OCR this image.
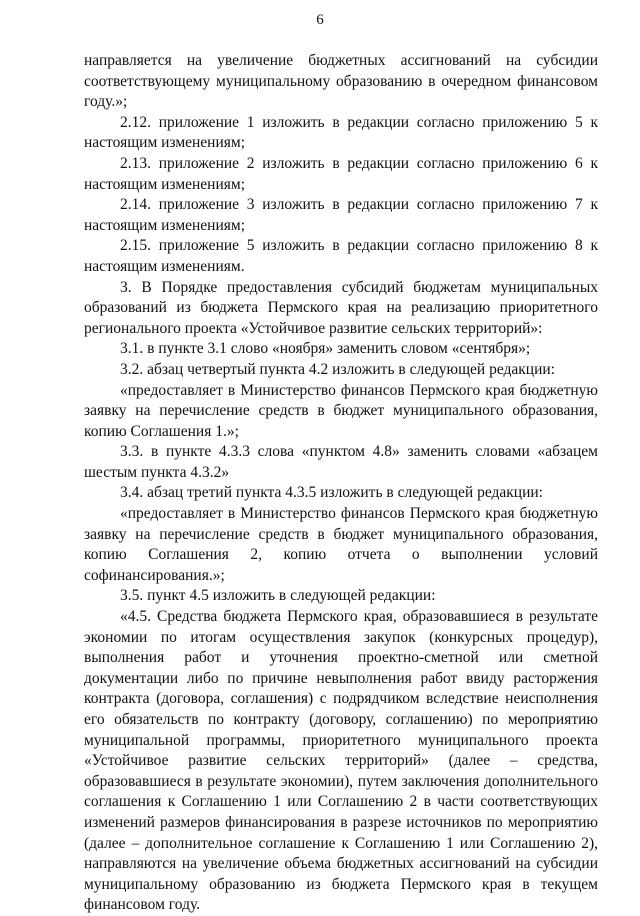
6

направляется на увеличение бюджетных ассигнований на субсидии соответствующему муниципальному образованию в очередном финансовом году.»;

2.12. приложение 1 изложить в редакции согласно приложению 5 к настоящим изменениям;

2.13. приложение 2 изложить в редакции согласно приложению 6 к настоящим изменениям;

2.14. приложение 3 изложить в редакции согласно приложению 7 к настоящим изменениям;

2.15. приложение 5 изложить в редакции согласно приложению 8 к настоящим изменениям.

3. В Порядке предоставления субсидий бюджетам муниципальных образований из бюджета Пермского края на реализацию приоритетного регионального проекта «Устойчивое развитие сельских территорий»:

3.1. в пункте 3.1 слово «ноября» заменить словом «сентября»;

3.2. абзац четвертый пункта 4.2 изложить в следующей редакции:

«предоставляет в Министерство финансов Пермского края бюджетную заявку на перечисление средств в бюджет муниципального образования, копию Соглашения 1.»;

3.3. в пункте 4.3.3 слова «пунктом 4.8» заменить словами «абзацем шестым пункта 4.3.2»

3.4. абзац третий пункта 4.3.5 изложить в следующей редакции:

«предоставляет в Министерство финансов Пермского края бюджетную заявку на перечисление средств в бюджет муниципального образования, копию Соглашения 2, копию отчета о выполнении условий софинансирования.»;

3.5. пункт 4.5 изложить в следующей редакции:

«4.5. Средства бюджета Пермского края, образовавшиеся в результате экономии по итогам осуществления закупок (конкурсных процедур), выполнения работ и уточнения проектно-сметной или сметной документации либо по причине невыполнения работ ввиду расторжения контракта (договора, соглашения) с подрядчиком вследствие неисполнения его обязательств по контракту (договору, соглашению) по мероприятию муниципальной программы, приоритетного муниципального проекта «Устойчивое развитие сельских территорий» (далее – средства, образовавшиеся в результате экономии), путем заключения дополнительного соглашения к Соглашению 1 или Соглашению 2 в части соответствующих изменений размеров финансирования в разрезе источников по мероприятию (далее – дополнительное соглашение к Соглашению 1 или Соглашению 2), направляются на увеличение объема бюджетных ассигнований на субсидии муниципальному образованию из бюджета Пермского края в текущем финансовом году.
